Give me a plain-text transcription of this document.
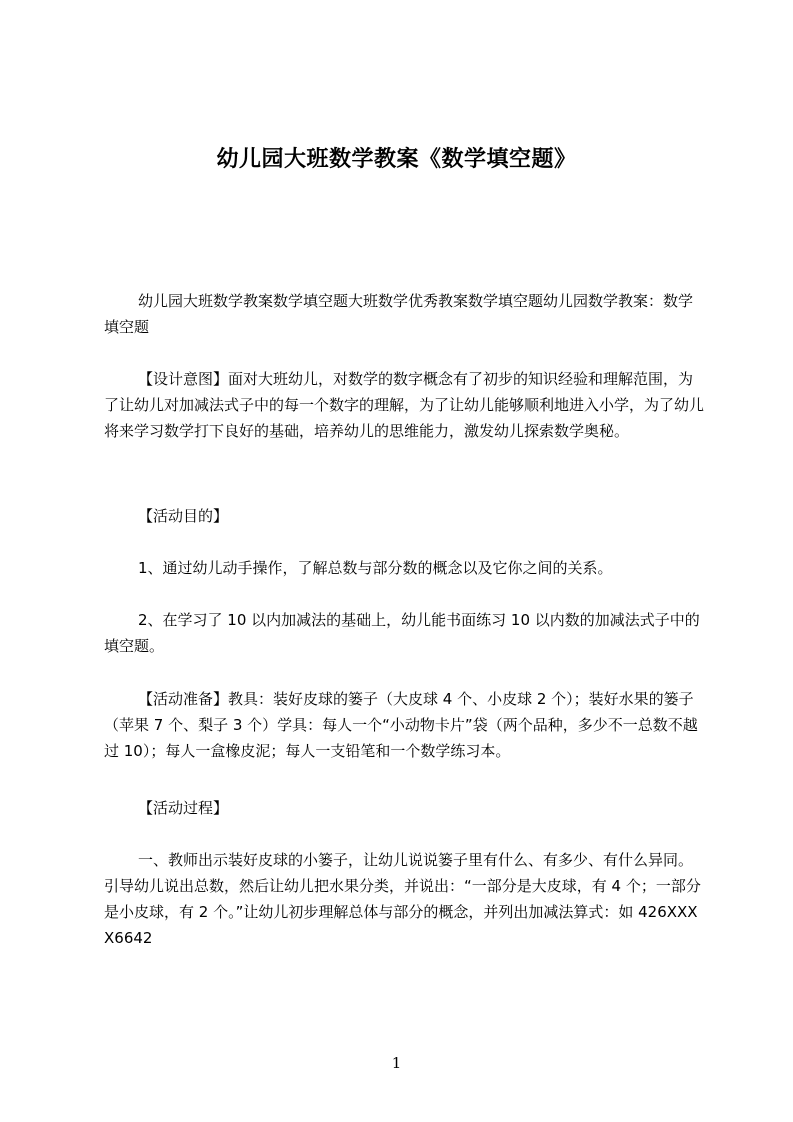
幼儿园大班数学教案《数学填空题》

幼儿园大班数学教案数学填空题大班数学优秀教案数学填空题幼儿园数学教案：数学填空题

【设计意图】面对大班幼儿，对数学的数字概念有了初步的知识经验和理解范围，为了让幼儿对加减法式子中的每一个数字的理解，为了让幼儿能够顺利地进入小学，为了幼儿将来学习数学打下良好的基础，培养幼儿的思维能力，激发幼儿探索数学奥秘。

【活动目的】

1、通过幼儿动手操作，了解总数与部分数的概念以及它你之间的关系。

2、在学习了 10 以内加减法的基础上，幼儿能书面练习 10 以内数的加减法式子中的填空题。

【活动准备】教具：装好皮球的篓子（大皮球 4 个、小皮球 2 个）；装好水果的篓子（苹果 7 个、梨子 3 个）学具：每人一个“小动物卡片”袋（两个品种，多少不一总数不越过 10）；每人一盒橡皮泥；每人一支铅笔和一个数学练习本。

【活动过程】

一、教师出示装好皮球的小篓子，让幼儿说说篓子里有什么、有多少、有什么异同。引导幼儿说出总数，然后让幼儿把水果分类，并说出：“一部分是大皮球，有 4 个；一部分是小皮球，有 2 个。”让幼儿初步理解总体与部分的概念，并列出加减法算式：如 426XXXX6642

1
